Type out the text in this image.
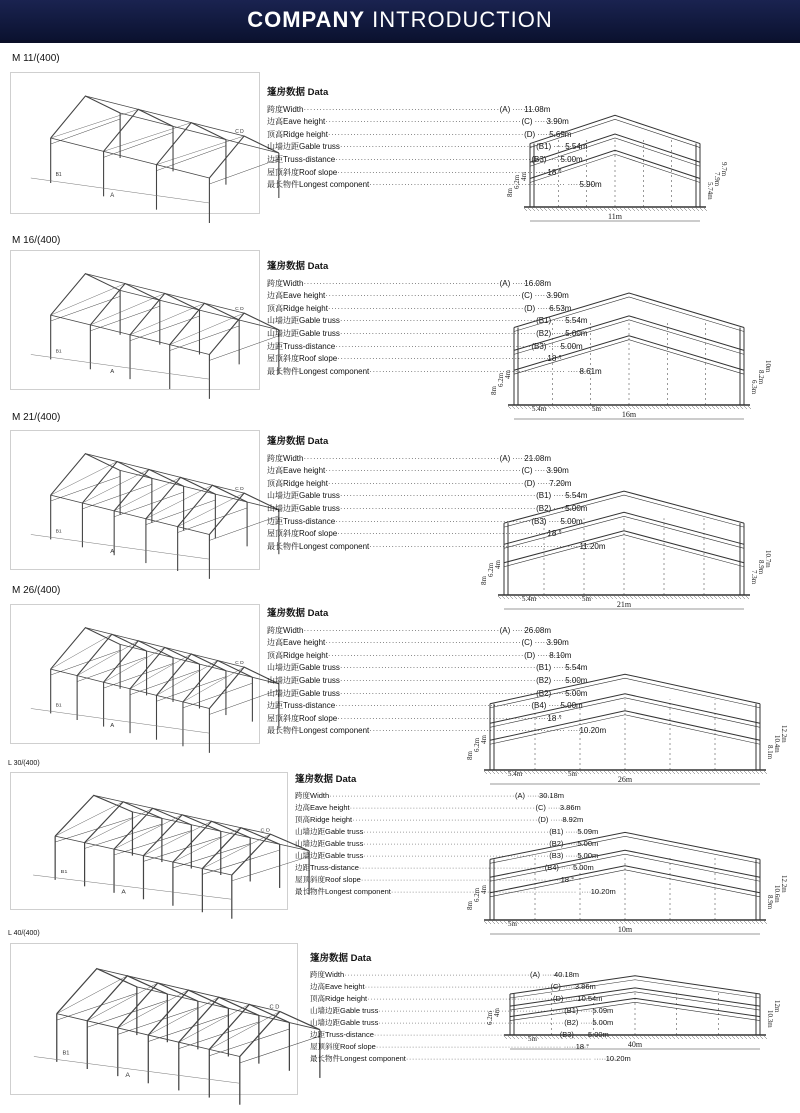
COMPANY INTRODUCTION
M 11/(400)
A
B1
C D
篷房数据 Data
跨度Width ·····	(A) ····· 11.08m
边高Eave height ·····	(C) ····· 3.90m
顶高Ridge height ·····	(D) ····· 5.69m
山墙边距Gable truss ·····	(B1) ····· 5.54m
边距Truss-distance ·····	(B3) ····· 5.00m
屋顶斜度Roof slope ····· ·····	18 °
最长物件Longest component ····· ·····	5.90m
11m
8m
6.2m 4m
5.74m
7.9m
9.7m
M 16/(400)
A
B1
C D
篷房数据 Data
跨度Width ·····	(A) ····· 16.08m
边高Eave height ·····	(C) ····· 3.90m
顶高Ridge height ·····	(D) ····· 6.53m
山墙边距Gable truss ·····	(B1) ····· 5.54m
山墙边距Gable truss ·····	(B2) ····· 5.00m
边距Truss-distance ·····	(B3) ····· 5.00m
屋顶斜度Roof slope ····· ·····	18 °
最长物件Longest component ····· ·····	8.61m
16m
8m
6.2m 4m
6.3m
8.2m
10m
5.4m	5m
M 21/(400)
A
B1
C D
篷房数据 Data
跨度Width ·····	(A) ····· 21.08m
边高Eave height ·····	(C) ····· 3.90m
顶高Ridge height ·····	(D) ····· 7.20m
山墙边距Gable truss ·····	(B1) ····· 5.54m
山墙边距Gable truss ·····	(B2) ····· 5.00m
边距Truss-distance ·····	(B3) ····· 5.00m
屋顶斜度Roof slope ····· ·····	18 °
最长物件Longest component ····· ·····	11.20m
21m
8m
6.2m 4m
7.3m
8.9m 10.7m
5.4m	5m
M 26/(400)
A
B1
C D
篷房数据 Data
跨度Width ·····	(A) ····· 26.08m
边高Eave height ·····	(C) ····· 3.90m
顶高Ridge height ·····	(D) ····· 8.10m
山墙边距Gable truss ·····	(B1) ····· 5.54m
山墙边距Gable truss ·····	(B2) ····· 5.00m
山墙边距Gable truss ·····	(B2) ····· 5.00m
边距Truss-distance ·····	(B4) ····· 5.00m
屋顶斜度Roof slope ····· ·····	18 °
最长物件Longest component ····· ·····	10.20m
26m
8m
6.2m 4m
8.1m 10.4m
12.2m
5.4m	5m
L 30/(400)
A
B1
C D
篷房数据 Data
跨度Width ·····	(A) ····· 30.18m
边高Eave height ·····	(C) ····· 3.86m
顶高Ridge height ·····	(D) ····· 8.92m
山墙边距Gable truss ·····	(B1) ····· 5.09m
山墙边距Gable truss ·····	(B2) ····· 5.00m
山墙边距Gable truss ·····	(B3) ····· 5.00m
边距Truss-distance ·····	(B4) ····· 5.00m
屋顶斜度Roof slope ····· ·····	18 °
最长物件Longest component ····· ·····	10.20m
10m
8m
6.2m 4m
8.9m 10.6m
12.2m
5m
L 40/(400)
A
B1
C D
篷房数据 Data
跨度Width ·····	(A) ····· 40.18m
边高Eave height ·····	(C) ····· 3.86m
顶高Ridge height ·····	(D) ····· 10.54m
山墙边距Gable truss ·····	(B1) ····· 5.09m
山墙边距Gable truss ·····	(B2) ····· 5.00m
边距Truss-distance ·····	(B3) ····· 5.00m
屋顶斜度Roof slope ····· ·····	18 °
最长物件Longest component ····· ·····	10.20m
40m
6.2m 4m	10.3m
12m
5m
